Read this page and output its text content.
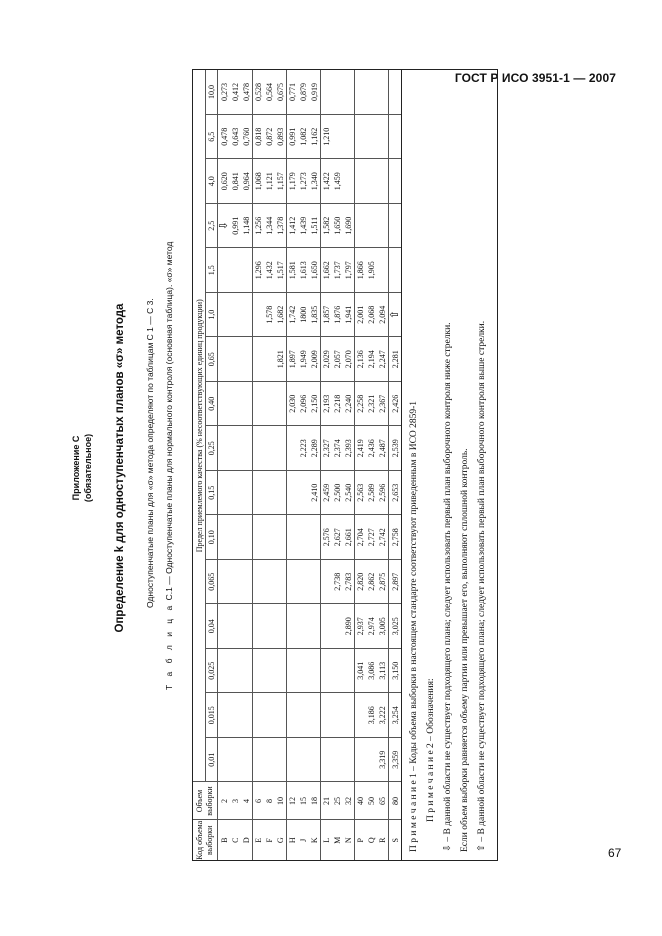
ГОСТ Р ИСО 3951-1 — 2007
Приложение С (обязательное) Определение k для одноступенчатых планов «σ» метода Одноступенчатые планы для «σ» метода определяют по таблицам С 1 — С 3.
Т а б л и ц а С.1 — Одноступенчатые планы для нормального контроля (основная таблица). «σ» метод
Код объема выборки	Объем выборки	Предел приемлемого качества (% несоответствующих единиц продукции)															
		0,01	0,015	0,025	0,04	0,065	0,10	0,15	0,25	0,40	0,65	1,0	1,5	2,5	4,0	6,5	10,0
B	2													⇩	0,620	0,478	0,273
C	3													0,991	0,841	0,643	0,412
D	4													1,148	0,964	0,760	0,478
E	6												1,296	1,256	1,068	0,818	0,528
F	8											1,578	1,432	1,344	1,121	0,872	0,564
G	10										1,821	1,682	1,517	1,378	1,157	0,893	0,675
H	12									2,030	1,897	1,742	1,581	1,412	1,179	0,991	0,771
J	15								2,223	2,096	1,949	1800	1,613	1,439	1,273	1,082	0,879
K	18							2,410	2,289	2,150	2,009	1,835	1,650	1,511	1,340	1,162	0,919
L	21						2,576	2,459	2,327	2,193	2,029	1,857	1,662	1,582	1,422	1,210	
M	25					2,738	2,627	2,500	2,374	2,218	2,057	1,876	1,737	1,650	1,459		
N	32				2,890	2,783	2,661	2,540	2,393	2,240	2,070	1,941	1,797	1,690			
P	40			3,041	2,937	2,820	2,704	2,563	2,419	2,258	2,136	2,001	1,866				
Q	50		3,186	3,086	2,974	2,862	2,727	2,589	2,436	2,321	2,194	2,068	1,905				
R	65	3,319	3,222	3,113	3,005	2,875	2,742	2,596	2,487	2,367	2,247	2,094					
S	80	3,359	3,254	3,150	3,025	2,897	2,758	2,653	2,539	2,426	2,281	⇧					
П р и м е ч а н и е 1 – Коды объема выборки в настоящем стандарте соответствуют приведенным в ИСО 2859-1 П р и м е ч а н и е 2 – Обозначения: ⇩ – В данной области не существует подходящего плана; следует использовать первый план выборочного контроля ниже стрелки. Если объем выборки равняется объему партии или превышает его, выполняют сплошной контроль. ⇧ – В данной области не существует подходящего плана; следует использовать первый план выборочного контроля выше стрелки.
67
